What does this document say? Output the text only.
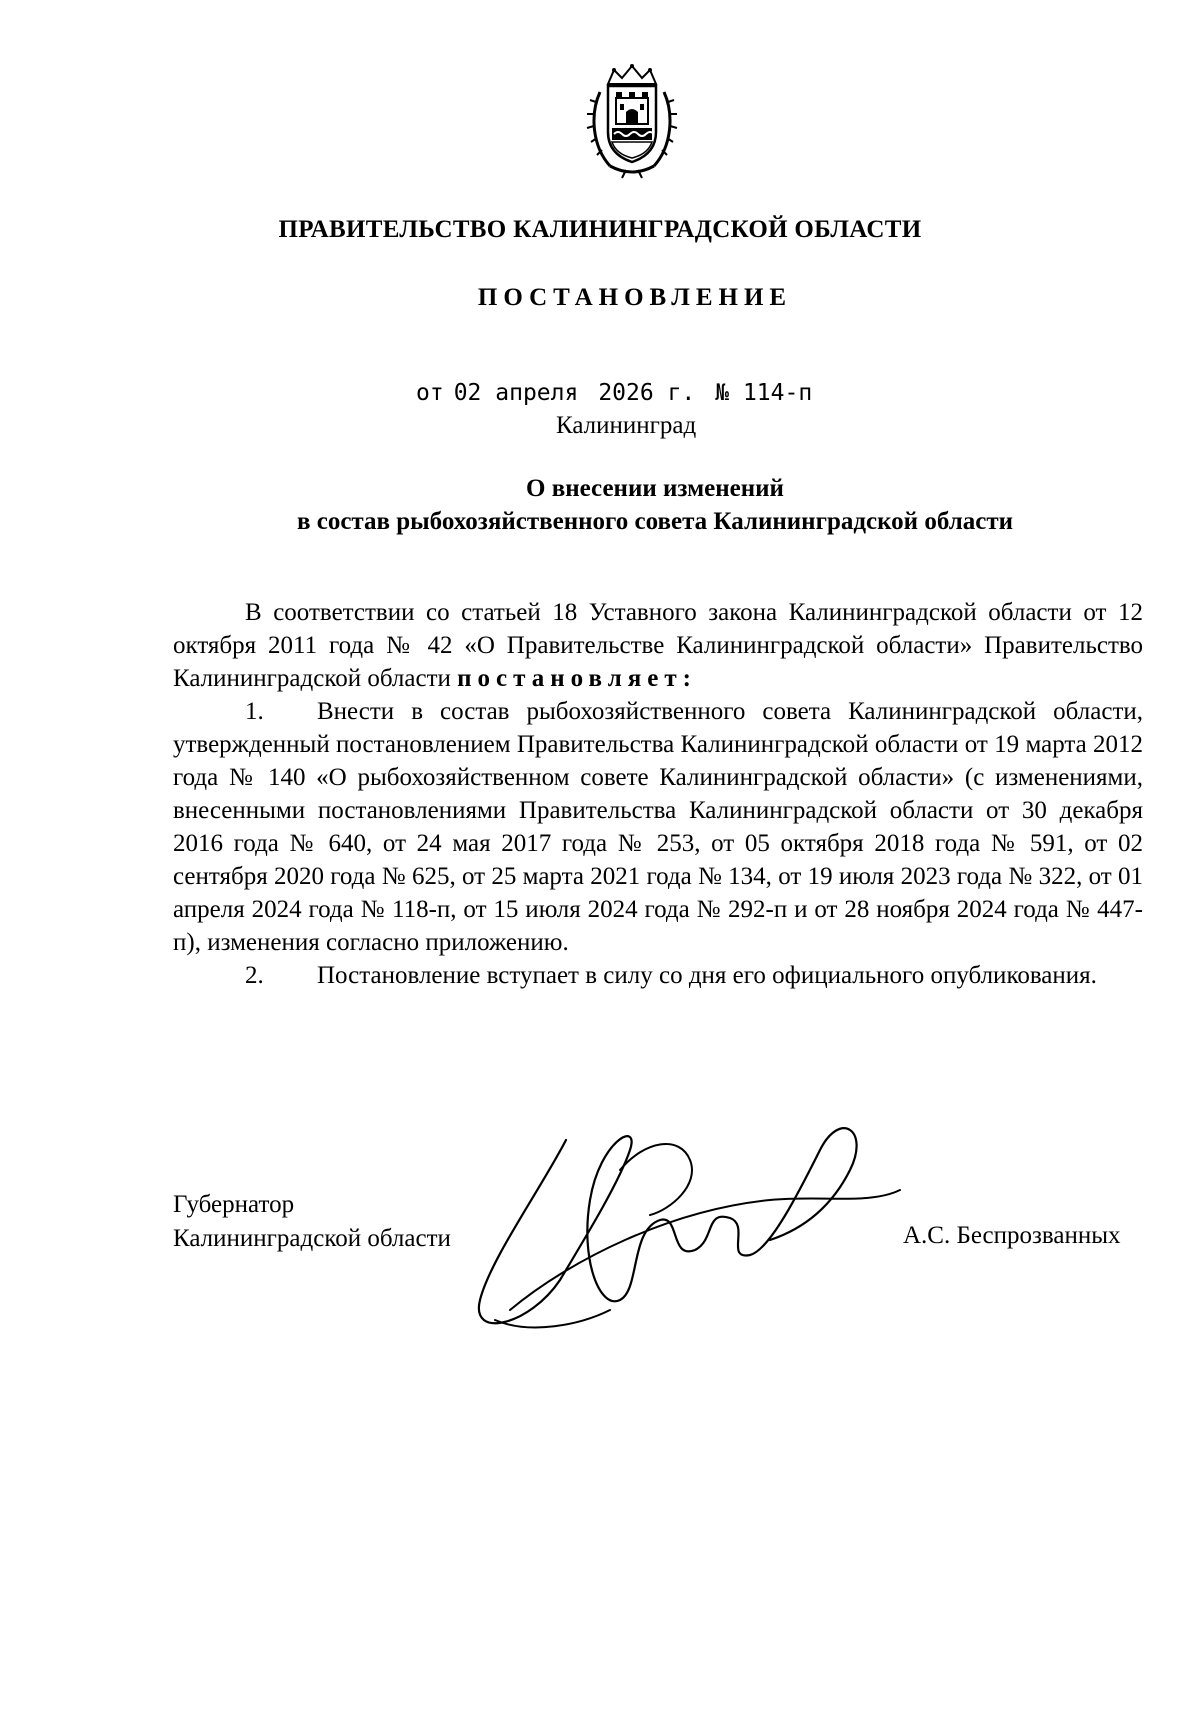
ПРАВИТЕЛЬСТВО КАЛИНИНГРАДСКОЙ ОБЛАСТИ
ПОСТАНОВЛЕНИЕ
от 02 апреля 2026 г. № 114-п
Калининград
О внесении изменений
в состав рыбохозяйственного совета Калининградской области

В соответствии со статьей 18 Уставного закона Калининградской области от 12 октября 2011 года № 42 «О Правительстве Калининградской области» Правительство Калининградской области постановляет:

1. Внести в состав рыбохозяйственного совета Калининградской области, утвержденный постановлением Правительства Калининградской области от 19 марта 2012 года № 140 «О рыбохозяйственном совете Калининградской области» (с изменениями, внесенными постановлениями Правительства Калининградской области от 30 декабря 2016 года № 640, от 24 мая 2017 года № 253, от 05 октября 2018 года № 591, от 02 сентября 2020 года № 625, от 25 марта 2021 года № 134, от 19 июля 2023 года № 322, от 01 апреля 2024 года № 118-п, от 15 июля 2024 года № 292-п и от 28 ноября 2024 года № 447-п), изменения согласно приложению.

2. Постановление вступает в силу со дня его официального опубликования.

Губернатор
Калининградской области	А.С. Беспрозванных
